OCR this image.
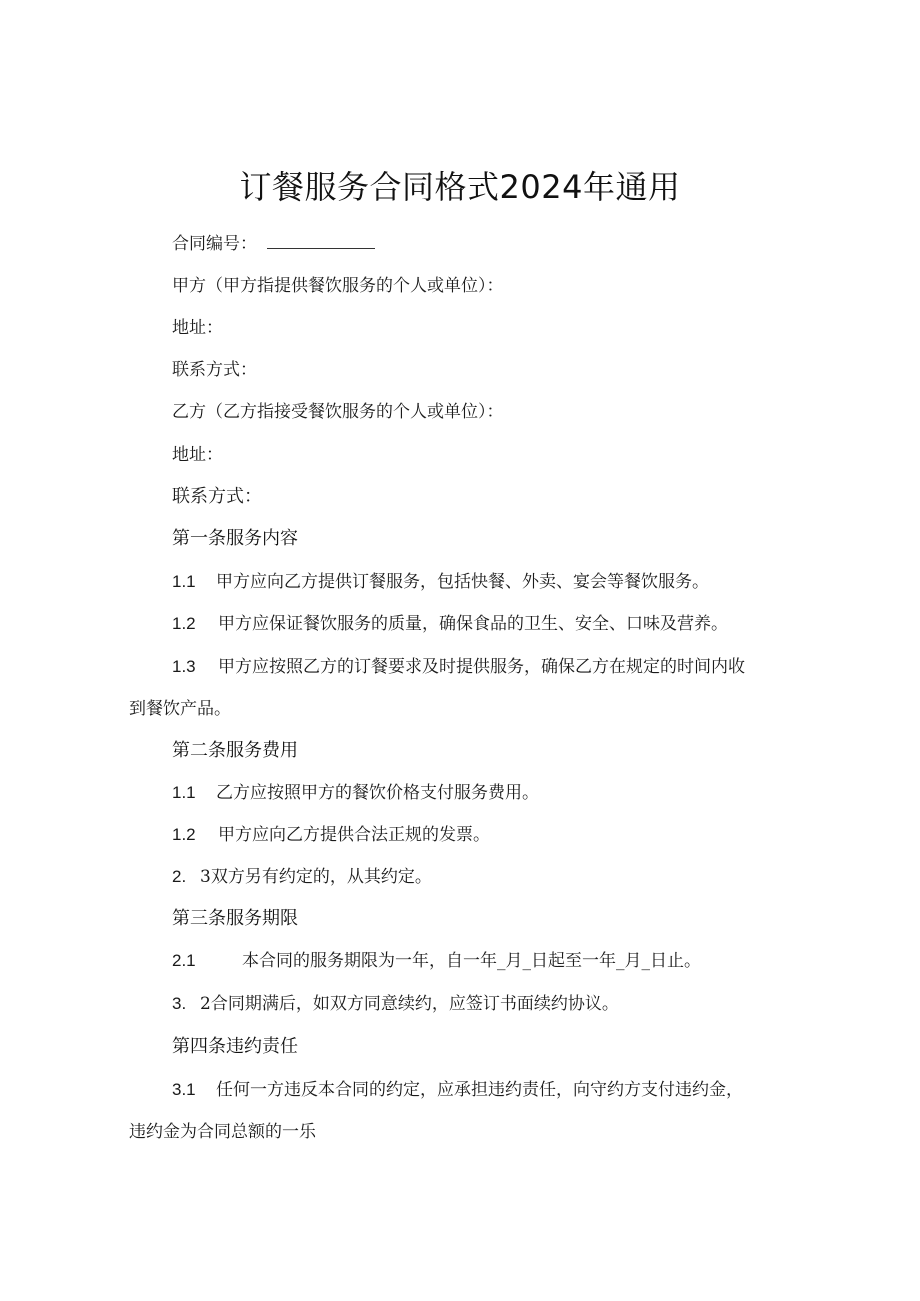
订餐服务合同格式2024年通用
合同编号：
甲方（甲方指提供餐饮服务的个人或单位）：
地址：
联系方式：
乙方（乙方指接受餐饮服务的个人或单位）：
地址：
联系方式：
第一条服务内容
1.1 甲方应向乙方提供订餐服务，包括快餐、外卖、宴会等餐饮服务。
1.2 甲方应保证餐饮服务的质量，确保食品的卫生、安全、口味及营养。
1.3 甲方应按照乙方的订餐要求及时提供服务，确保乙方在规定的时间内收
到餐饮产品。
第二条服务费用
1.1 乙方应按照甲方的餐饮价格支付服务费用。
1.2 甲方应向乙方提供合法正规的发票。
2. 3双方另有约定的，从其约定。
第三条服务期限
2.1	本合同的服务期限为一年，自一年_月_日起至一年_月_日止。
3. 2合同期满后，如双方同意续约，应签订书面续约协议。
第四条违约责任
3.1 任何一方违反本合同的约定，应承担违约责任，向守约方支付违约金，
违约金为合同总额的一乐
